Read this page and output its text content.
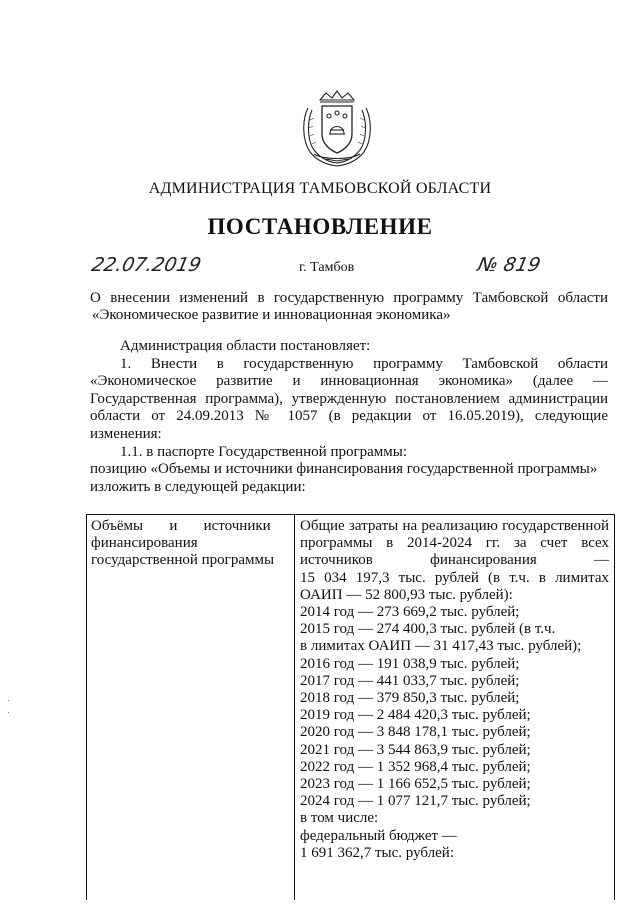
АДМИНИСТРАЦИЯ ТАМБОВСКОЙ ОБЛАСТИ
ПОСТАНОВЛЕНИЕ
22.07.2019	г. Тамбов	№ 819
О внесении изменений в государственную программу Тамбовской области
«Экономическое развитие и инновационная экономика»
Администрация области постановляет:
1. Внести в государственную программу Тамбовской области
«Экономическое развитие и инновационная экономика» (далее —
Государственная программа), утвержденную постановлением администрации
области от 24.09.2013 № 1057 (в редакции от 16.05.2019), следующие
изменения:
1.1. в паспорте Государственной программы:
позицию «Объемы и источники финансирования государственной программы»
изложить в следующей редакции:
Объёмы       и       источники
финансирования
государственной программы
Общие затраты на реализацию государственной
программы в 2014-2024 гг. за счет всех
источников финансирования —
15 034 197,3 тыс. рублей (в т.ч. в лимитах
ОАИП — 52 800,93 тыс. рублей):
2014 год — 273 669,2 тыс. рублей;
2015 год — 274 400,3 тыс. рублей (в т.ч.
в лимитах ОАИП — 31 417,43 тыс. рублей);
2016 год — 191 038,9 тыс. рублей;
2017 год — 441 033,7 тыс. рублей;
2018 год — 379 850,3 тыс. рублей;
2019 год — 2 484 420,3 тыс. рублей;
2020 год — 3 848 178,1 тыс. рублей;
2021 год — 3 544 863,9 тыс. рублей;
2022 год — 1 352 968,4 тыс. рублей;
2023 год — 1 166 652,5 тыс. рублей;
2024 год — 1 077 121,7 тыс. рублей;
в том числе:
федеральный бюджет —
1 691 362,7 тыс. рублей:
